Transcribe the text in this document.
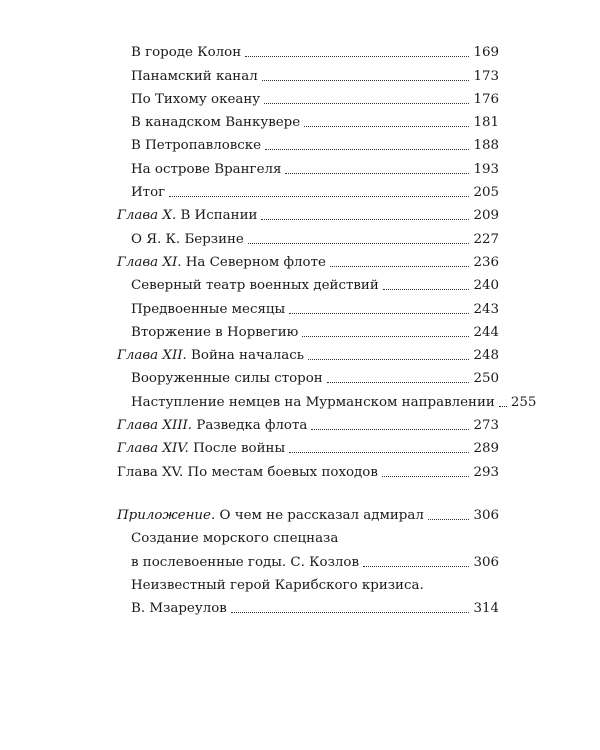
В городе Колон	169
Панамский канал	173
По Тихому океану	176
В канадском Ванкувере	181
В Петропавловске	188
На острове Врангеля	193
Итог	205
Глава X. В Испании	209
О Я. К. Берзине	227
Глава XI. На Северном флоте	236
Северный театр военных действий	240
Предвоенные месяцы	243
Вторжение в Норвегию	244
Глава XII. Война началась	248
Вооруженные силы сторон	250
Наступление немцев на Мурманском направлении 255
Глава XIII. Разведка флота	273
Глава XIV. После войны	289
Глава XV. По местам боевых походов	293
Приложение. О чем не рассказал адмирал	306
Создание морского спецназа
в послевоенные годы. С. Козлов	306
Неизвестный герой Карибского кризиса.
В. Мзареулов	314
